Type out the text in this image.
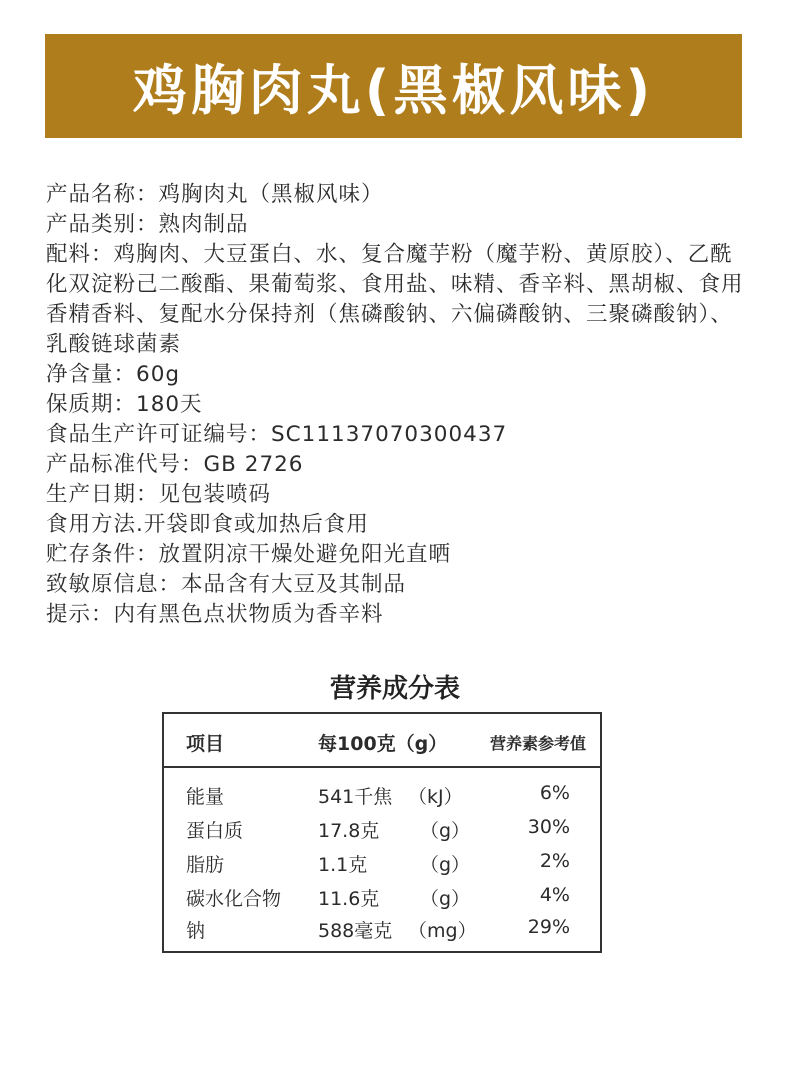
鸡胸肉丸(黑椒风味)
产品名称：鸡胸肉丸（黑椒风味）
产品类别：熟肉制品
配料：鸡胸肉、大豆蛋白、水、复合魔芋粉（魔芋粉、黄原胶）、乙酰化双淀粉己二酸酯、果葡萄浆、食用盐、味精、香辛料、黑胡椒、食用香精香料、复配水分保持剂（焦磷酸钠、六偏磷酸钠、三聚磷酸钠）、乳酸链球菌素
净含量：60g
保质期：180天
食品生产许可证编号：SC11137070300437
产品标准代号：GB 2726
生产日期：见包装喷码
食用方法.开袋即食或加热后食用
贮存条件：放置阴凉干燥处避免阳光直晒
致敏原信息：本品含有大豆及其制品
提示：内有黑色点状物质为香辛料
营养成分表
项目	每100克（g）	营养素参考值
能量	541千焦 （kJ）	6%
蛋白质	17.8克 （g）	30%
脂肪	1.1克	（g）	2%
碳水化合物 11.6克 （g）	4%
钠	588毫克 （mg）	29%
